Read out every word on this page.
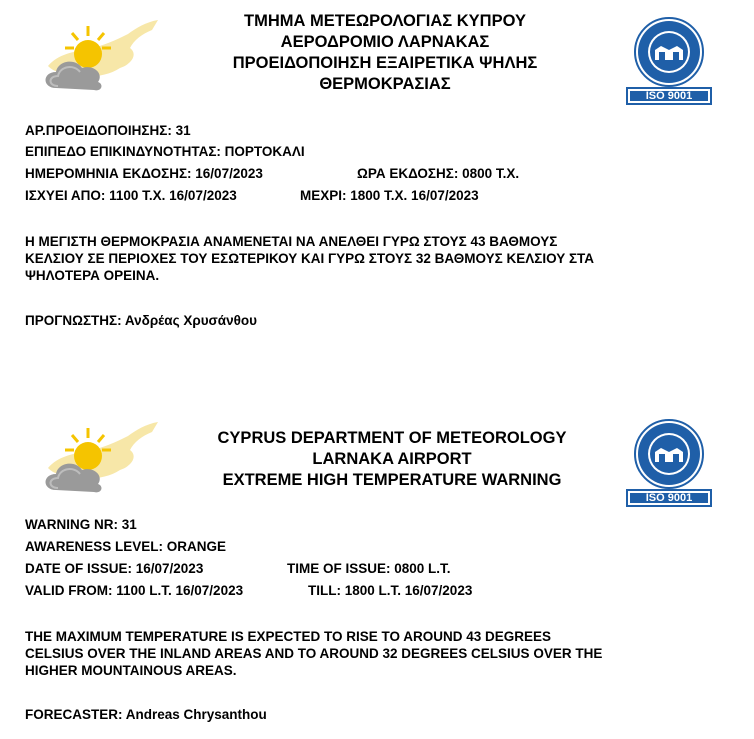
ΤΜΗΜΑ ΜΕΤΕΩΡΟΛΟΓΙΑΣ ΚΥΠΡΟΥ
ΑΕΡΟΔΡΟΜΙΟ ΛΑΡΝΑΚΑΣ
ΠΡΟΕΙΔΟΠΟΙΗΣΗ ΕΞΑΙΡΕΤΙΚΑ ΨΗΛΗΣ
ΘΕΡΜΟΚΡΑΣΙΑΣ
ISO 9001
ΑΡ.ΠΡΟΕΙΔΟΠΟΙΗΣΗΣ: 31
ΕΠΙΠΕΔΟ ΕΠΙΚΙΝΔΥΝΟΤΗΤΑΣ: ΠΟΡΤΟΚΑΛΙ
ΗΜΕΡΟΜΗΝΙΑ ΕΚΔΟΣΗΣ: 16/07/2023	ΩΡΑ ΕΚΔΟΣΗΣ: 0800 Τ.Χ.
ΙΣΧΥΕΙ ΑΠΟ: 1100 Τ.Χ. 16/07/2023	ΜΕΧΡΙ: 1800 Τ.Χ. 16/07/2023
Η ΜΕΓΙΣΤΗ ΘΕΡΜΟΚΡΑΣΙΑ ΑΝΑΜΕΝΕΤΑΙ ΝΑ ΑΝΕΛΘΕΙ ΓΥΡΩ ΣΤΟΥΣ 43 ΒΑΘΜΟΥΣ
ΚΕΛΣΙΟΥ ΣΕ ΠΕΡΙΟΧΕΣ ΤΟΥ ΕΣΩΤΕΡΙΚΟΥ ΚΑΙ ΓΥΡΩ ΣΤΟΥΣ 32 ΒΑΘΜΟΥΣ ΚΕΛΣΙΟΥ ΣΤΑ
ΨΗΛΟΤΕΡΑ ΟΡΕΙΝΑ.
ΠΡΟΓΝΩΣΤΗΣ: Ανδρέας Χρυσάνθου
CYPRUS DEPARTMENT OF METEOROLOGY
LARNAKA AIRPORT
EXTREME HIGH TEMPERATURE WARNING
ISO 9001
WARNING NR: 31
AWARENESS LEVEL: ORANGE
DATE OF ISSUE: 16/07/2023	TIME OF ISSUE: 0800 L.T.
VALID FROM: 1100 L.T. 16/07/2023	TILL: 1800 L.T. 16/07/2023
THE MAXIMUM TEMPERATURE IS EXPECTED TO RISE TO AROUND 43 DEGREES
CELSIUS OVER THE INLAND AREAS AND TO AROUND 32 DEGREES CELSIUS OVER THE
HIGHER MOUNTAINOUS AREAS.
FORECASTER: Andreas Chrysanthou
